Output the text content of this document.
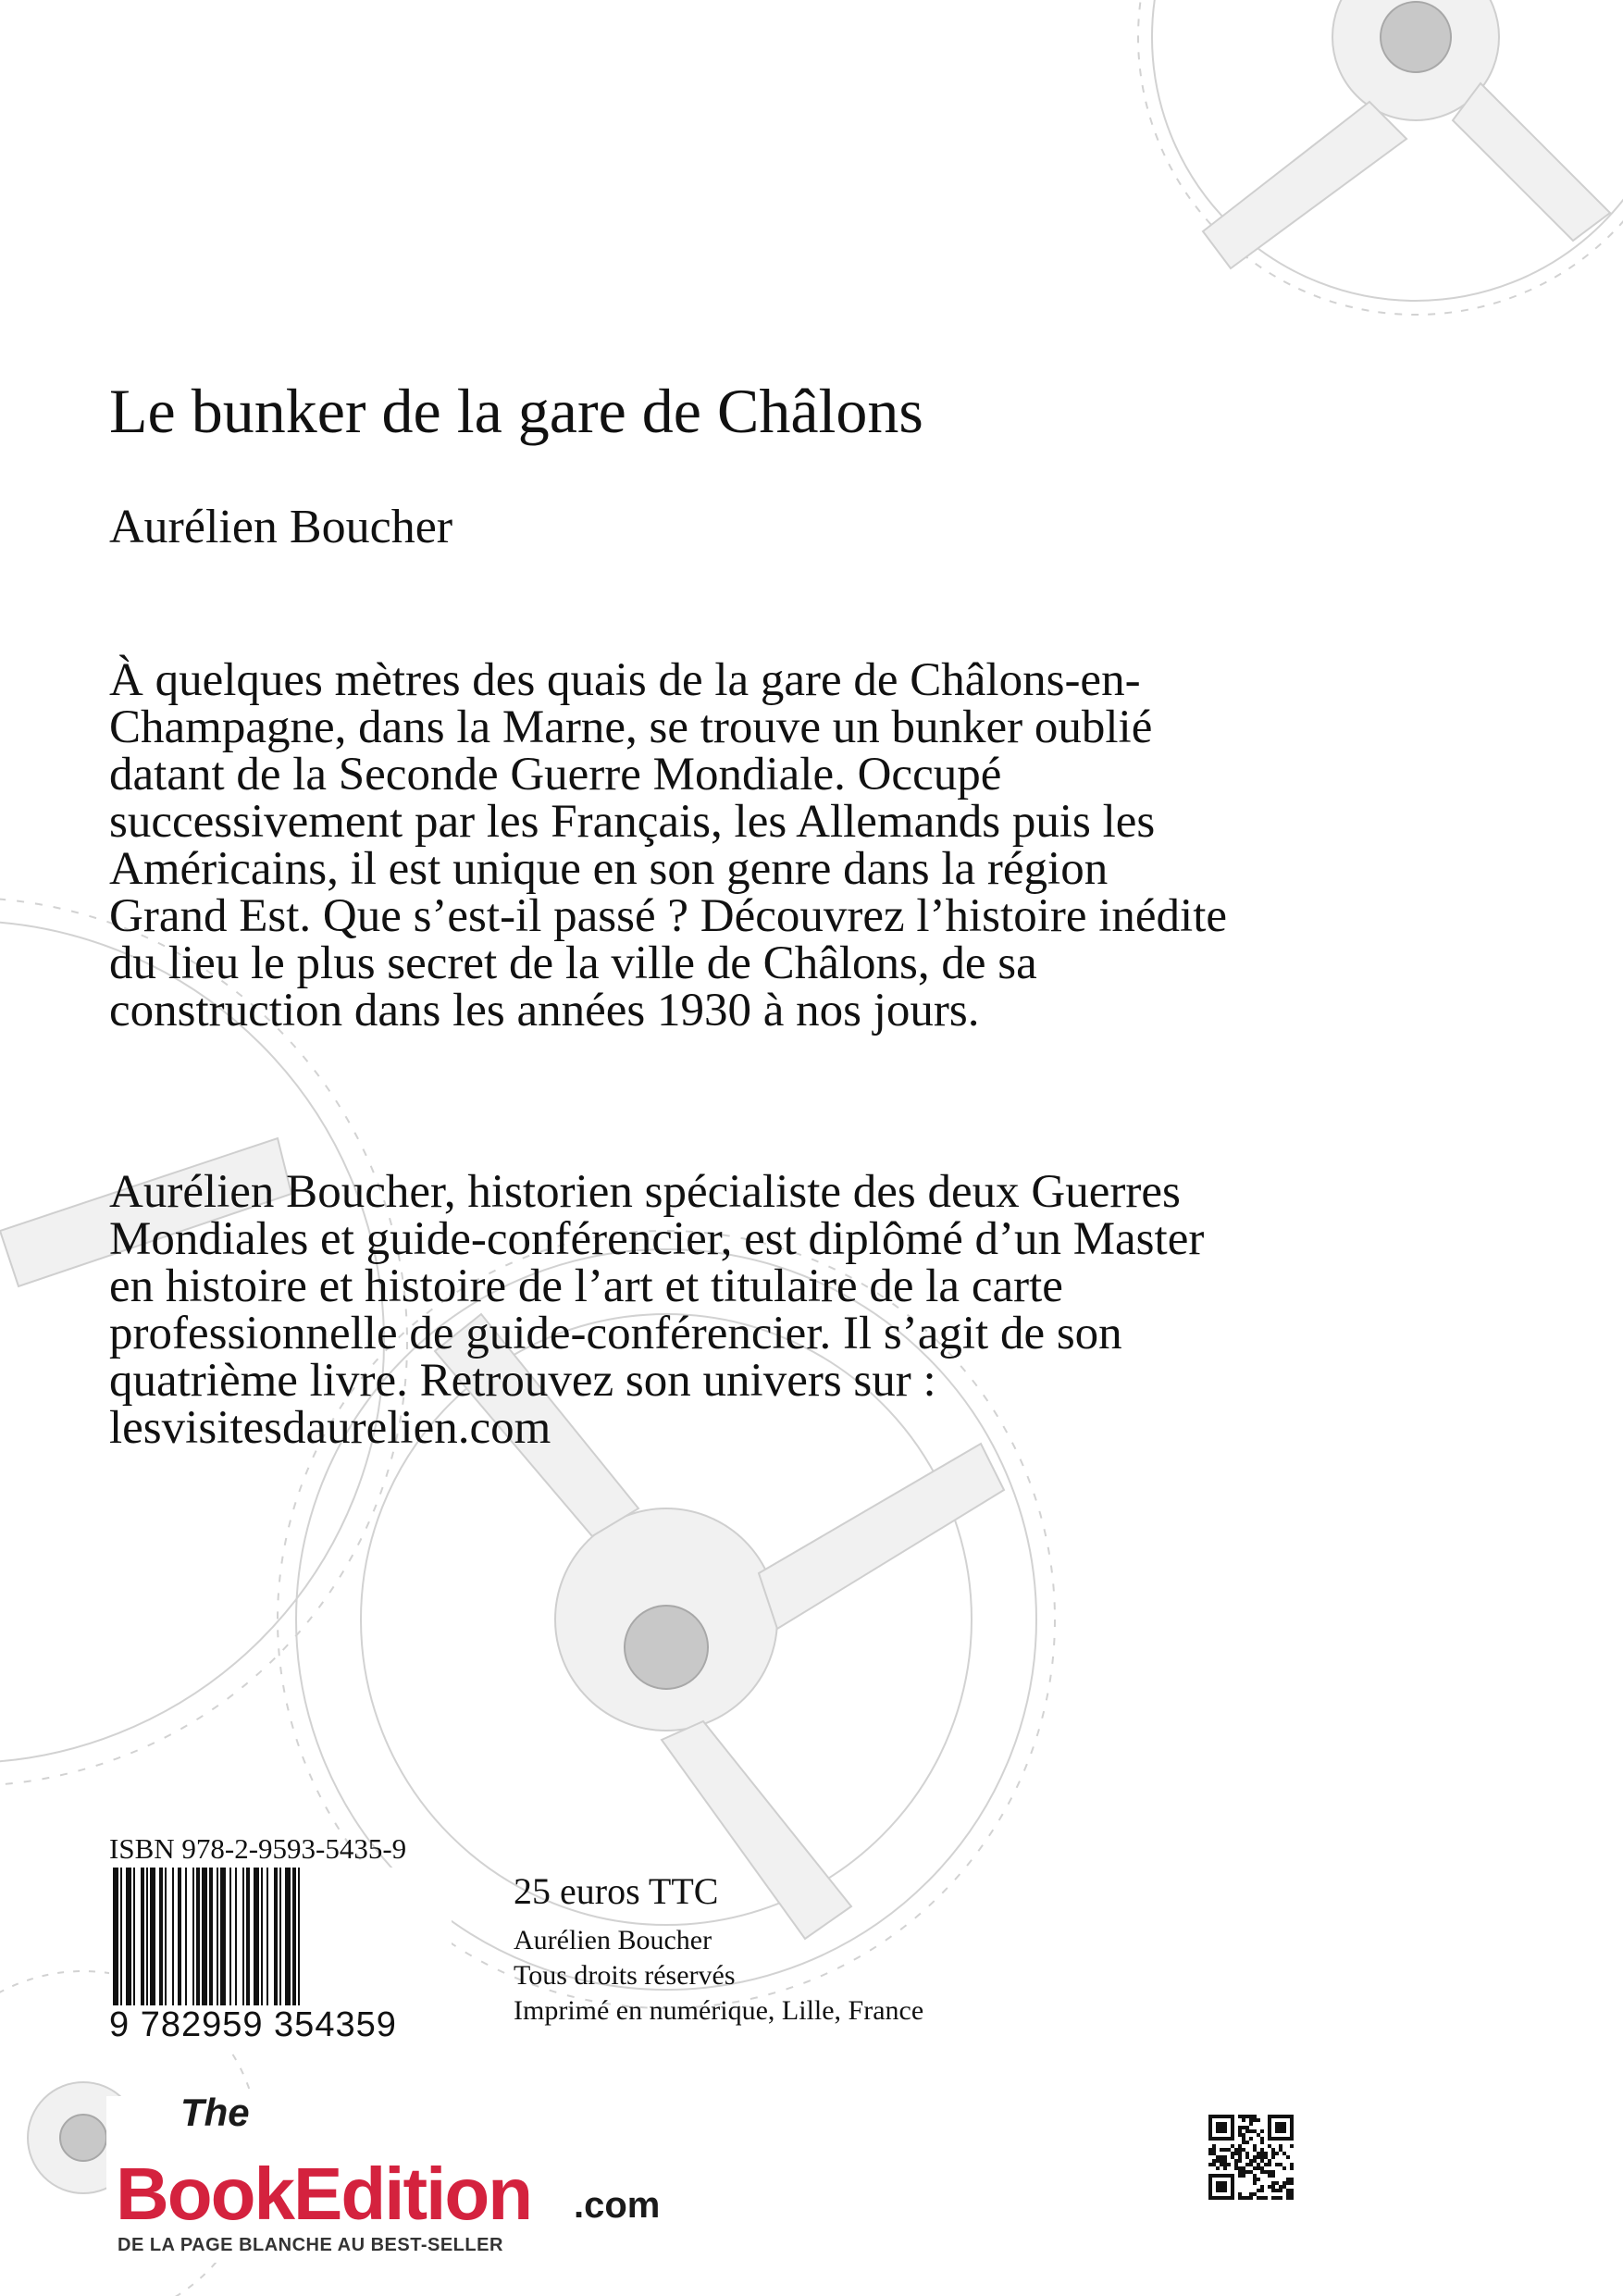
Le bunker de la gare de Châlons

Aurélien Boucher

À quelques mètres des quais de la gare de Châlons-en-Champagne, dans la Marne, se trouve un bunker oublié datant de la Seconde Guerre Mondiale. Occupé successivement par les Français, les Allemands puis les Américains, il est unique en son genre dans la région Grand Est. Que s’est-il passé ? Découvrez l’histoire inédite du lieu le plus secret de la ville de Châlons, de sa construction dans les années 1930 à nos jours.

Aurélien Boucher, historien spécialiste des deux Guerres Mondiales et guide-conférencier, est diplômé d’un Master en histoire et histoire de l’art et titulaire de la carte professionnelle de guide-conférencier. Il s’agit de son quatrième livre. Retrouvez son univers sur : lesvisitesdaurelien.com

ISBN 978-2-9593-5435-9
9 782959 354359
25 euros TTC
Aurélien Boucher
Tous droits réservés
Imprimé en numérique, Lille, France
The
BookEdition .com
DE LA PAGE BLANCHE AU BEST-SELLER
